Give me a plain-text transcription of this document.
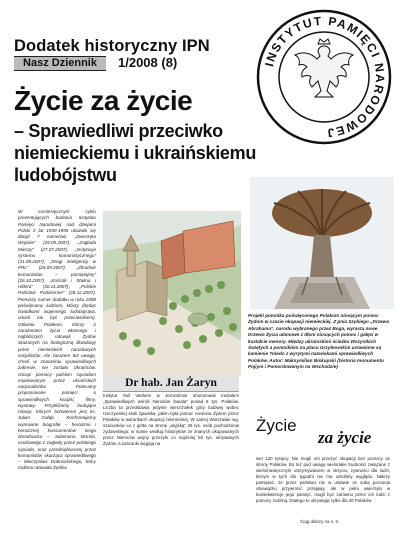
Dodatek historyczny IPN
Nasz Dziennik	1/2008 (8)	INSTYTUT PAMIĘCI NARODOWEJ
Życie za życie
– Sprawiedliwi przeciwko niemieckiemu i ukraińskiemu ludobójstwu
W comiesięcznym cyklu prezentujących badania Instytutu Pamięci Narodowej nad dziejami Polski z lat 1939-1990 ukazało się dotąd 7 numerów: „Zwierzęta Wojskie” (29.05.2007), „Zagłada Mieszy” (27.07.2007), „Instytucje systemu komunistycznego” (31.08.2007), „Drogi inteligencji w PRL” (28.09.2007), „Zbrodnie komunistów – pamiętajmy” (26.10.2007), „Kościół i Stalina i Hitlera” (30.11.2007), „Polskie Państwo Podziemne” (28.12.2007). Pierwszy numer dodatku w roku 2008 poświęcamy ludziom, którzy (będąc świadkami wojennego ludobójstwa, umieli nie być przeciwnikiem). Głównie Polakom, którzy z narażeniem życia własnego i najbliższych ratowali Żydów skazanych na biologiczną likwidację przez niemieckich narodowych socjalistów. Ale zarazem też uwagę, chroń w znaczeniu sprawiedliwych zakresie, nie zostało Ukraińców, niosąc pomocy polskim sąsiadom mordowanym przez ukraińskich nacjonalistów. Polecamy proponowane pamięci o sprawiedliwych książki, filmy, wystawy. Przybliżamy budujące relacje, których bohaterem jest ks. Julian Gołąb. Konfrontujemy wymowne biografie – heroizmu i heroicznej konsumentów niego zbrodniarza – Salomona Morela, osobowego z zagłady przez polskiego sąsiada, oraz przedsiębiorczej przez komunistów skarżąca sprawiedliwego – Mieczysław Dobrzańskiego, który rodzina ratowała Żydów.
Projekt pomnika poświęconego Polakom niosącym pomoc Żydom w czasie okupacji niemieckiej. Z pnia Szybiego „Drzewo Abrahama”, narodu wybranego przez Boga, wyrasta nowe Drzewo Życia ułamowe z dłoni niosących pomoc i gałęzi w kształcie menory. Między ukrainskimi ścieżka Wszystkich Świętych a pomnikiem na placu Grzybowskim ustawione są kamienie Toledo z wyrytymi nazwiskami sprawiedliwych Polaków. Autor: Maksymilian Biskupski (historia monumentu Pojiym i Pomordowanym na Wschodzie)
Dr hab. Jan Żaryn
Instytut Yad Vashem w Jerozolimie uhonorował medalem „Sprawiedliwych wśród Narodów Świata” ponad 6 tys. Polaków. Liczba ta przedstawia jedynie wierzchołek góry lodowej wobec rzeczywistej skali zjawiska, jakim była pomoc niesiona Żydom przez Polaków w warunkach okupacji niemieckiej. W samej Warszawie wg. szacunków co z getta na stronę „aryjską” 25 tys. osób pochodzenia żydowskiego; w sumie według historyków ze znanych okupowanych przez Niemców wojny przeżyło co najmniej 50 tys. ukrywanych Żydów, a szacunki sięgają na
Życie
za życie
wet 120 tysięcy. Nie mogli oni przeżyć okupacji bez pomocy ze strony Polaków. Bo też pod uwagę wielorakie trudności związane z wielomiesięcznym utrzymywaniem w ukryciu, żywności dla ludzi, którym w tych dni tygodni nie ma odrobiny wyglądu. Należy pamiętać, że przez państwo nie w ustawie ze sobą poczucia obowiązku przywrócić przejawy, ale w pełni uwierzyło w konsekwencje jego pamięć, mogli być zarówno przez ich ludzi z pomocy rodziną. Dlatego to ukrywając tylko dla 20 Polaków
Ciąg dalszy na s. II
